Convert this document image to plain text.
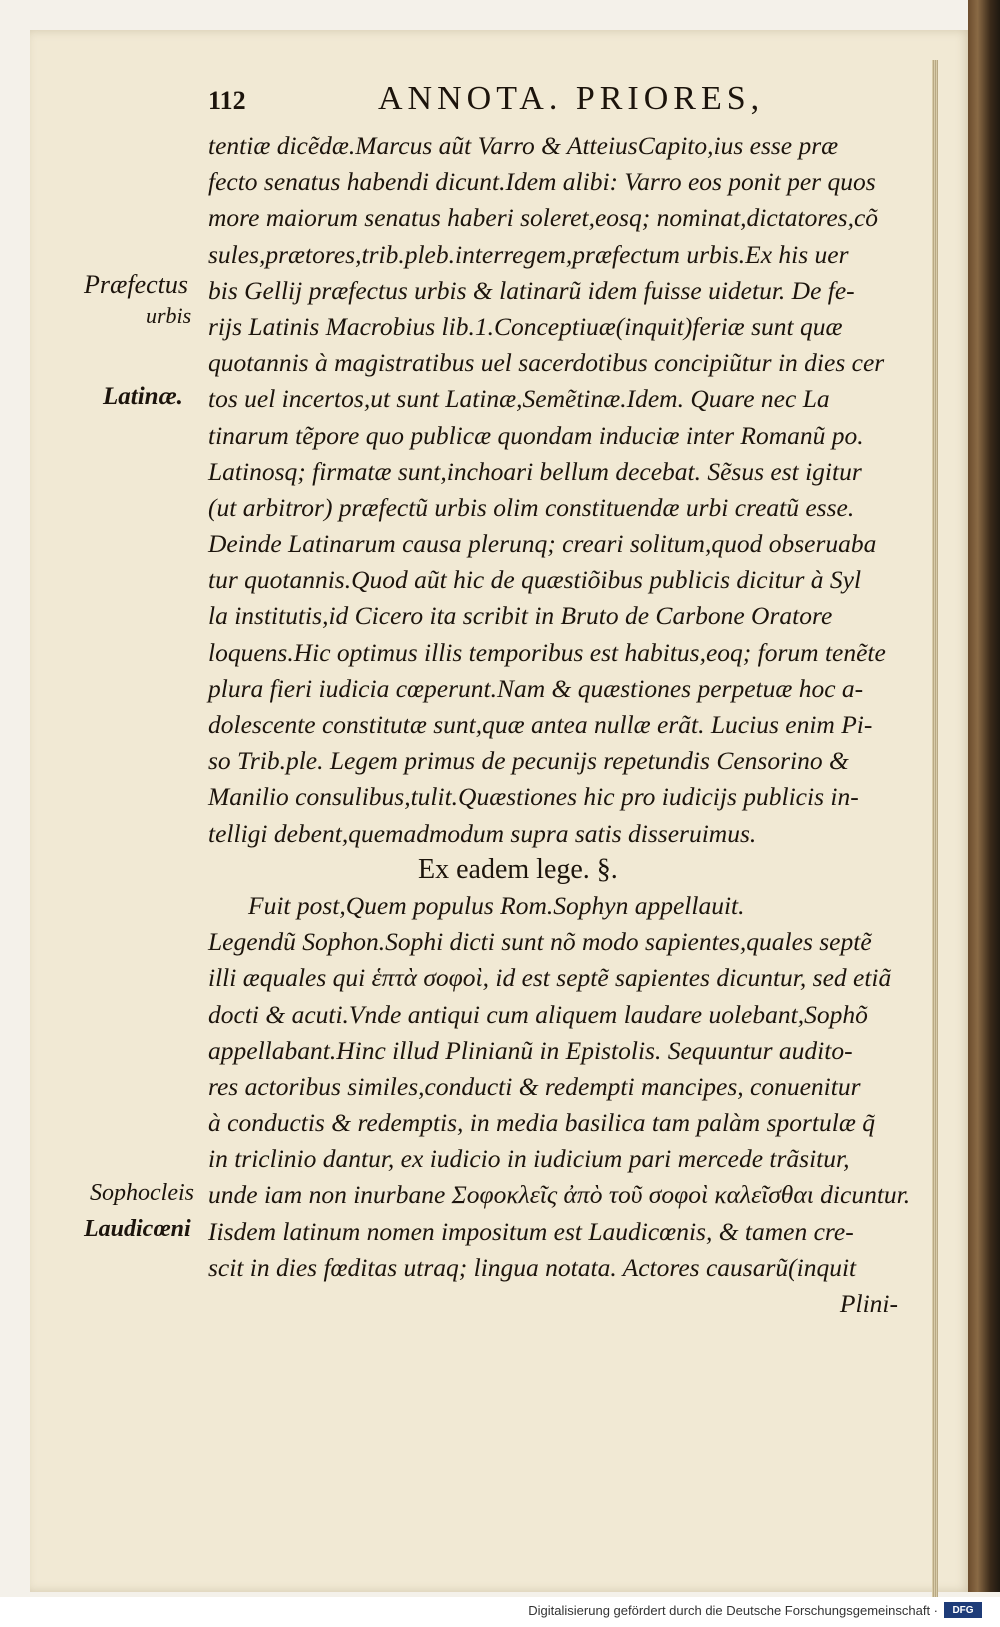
112	ANNOTA. PRIORES,
Præfectus
urbis
Latinæ.
Sophocleis
Laudicœni
tentiæ dicẽdæ.Marcus aũt Varro & AtteiusCapito,ius esse præ
fecto senatus habendi dicunt.Idem alibi: Varro eos ponit per quos
more maiorum senatus haberi soleret,eosq; nominat,dictatores,cõ
sules,prætores,trib.pleb.interregem,præfectum urbis.Ex his uer
bis Gellij præfectus urbis & latinarũ idem fuisse uidetur. De fe-
rijs Latinis Macrobius lib.1.Conceptiuæ(inquit)feriæ sunt quæ
quotannis à magistratibus uel sacerdotibus concipiũtur in dies cer
tos uel incertos,ut sunt Latinæ,Semẽtinæ.Idem. Quare nec La
tinarum tẽpore quo publicæ quondam induciæ inter Romanũ po.
Latinosq; firmatæ sunt,inchoari bellum decebat. Sẽsus est igitur
(ut arbitror) præfectũ urbis olim constituendæ urbi creatũ esse.
Deinde Latinarum causa plerunq; creari solitum,quod obseruaba
tur quotannis.Quod aũt hic de quæstiõibus publicis dicitur à Syl
la institutis,id Cicero ita scribit in Bruto de Carbone Oratore
loquens.Hic optimus illis temporibus est habitus,eoq; forum tenẽte
plura fieri iudicia cœperunt.Nam & quæstiones perpetuæ hoc a-
dolescente constitutæ sunt,quæ antea nullæ erãt. Lucius enim Pi-
so Trib.ple. Legem primus de pecunijs repetundis Censorino &
Manilio consulibus,tulit.Quæstiones hic pro iudicijs publicis in-
telligi debent,quemadmodum supra satis disseruimus.
Ex eadem lege. §.
Fuit post,Quem populus Rom.Sophyn appellauit.
Legendũ Sophon.Sophi dicti sunt nõ modo sapientes,quales septẽ
illi æquales qui ἑπτὰ σοφοὶ, id est septẽ sapientes dicuntur, sed etiã
docti & acuti.Vnde antiqui cum aliquem laudare uolebant,Sophõ
appellabant.Hinc illud Plinianũ in Epistolis. Sequuntur audito-
res actoribus similes,conducti & redempti mancipes, conuenitur
à conductis & redemptis, in media basilica tam palàm sportulæ q̃
in triclinio dantur, ex iudicio in iudicium pari mercede trãsitur,
unde iam non inurbane Σοφοκλεῖς ἀπὸ τοῦ σοφοὶ καλεῖσθαι dicuntur.
Iisdem latinum nomen impositum est Laudicœnis, & tamen cre-
scit in dies fœditas utraq; lingua notata. Actores causarũ(inquit
Plini-
Digitalisierung gefördert durch die Deutsche Forschungsgemeinschaft ·	DFG
